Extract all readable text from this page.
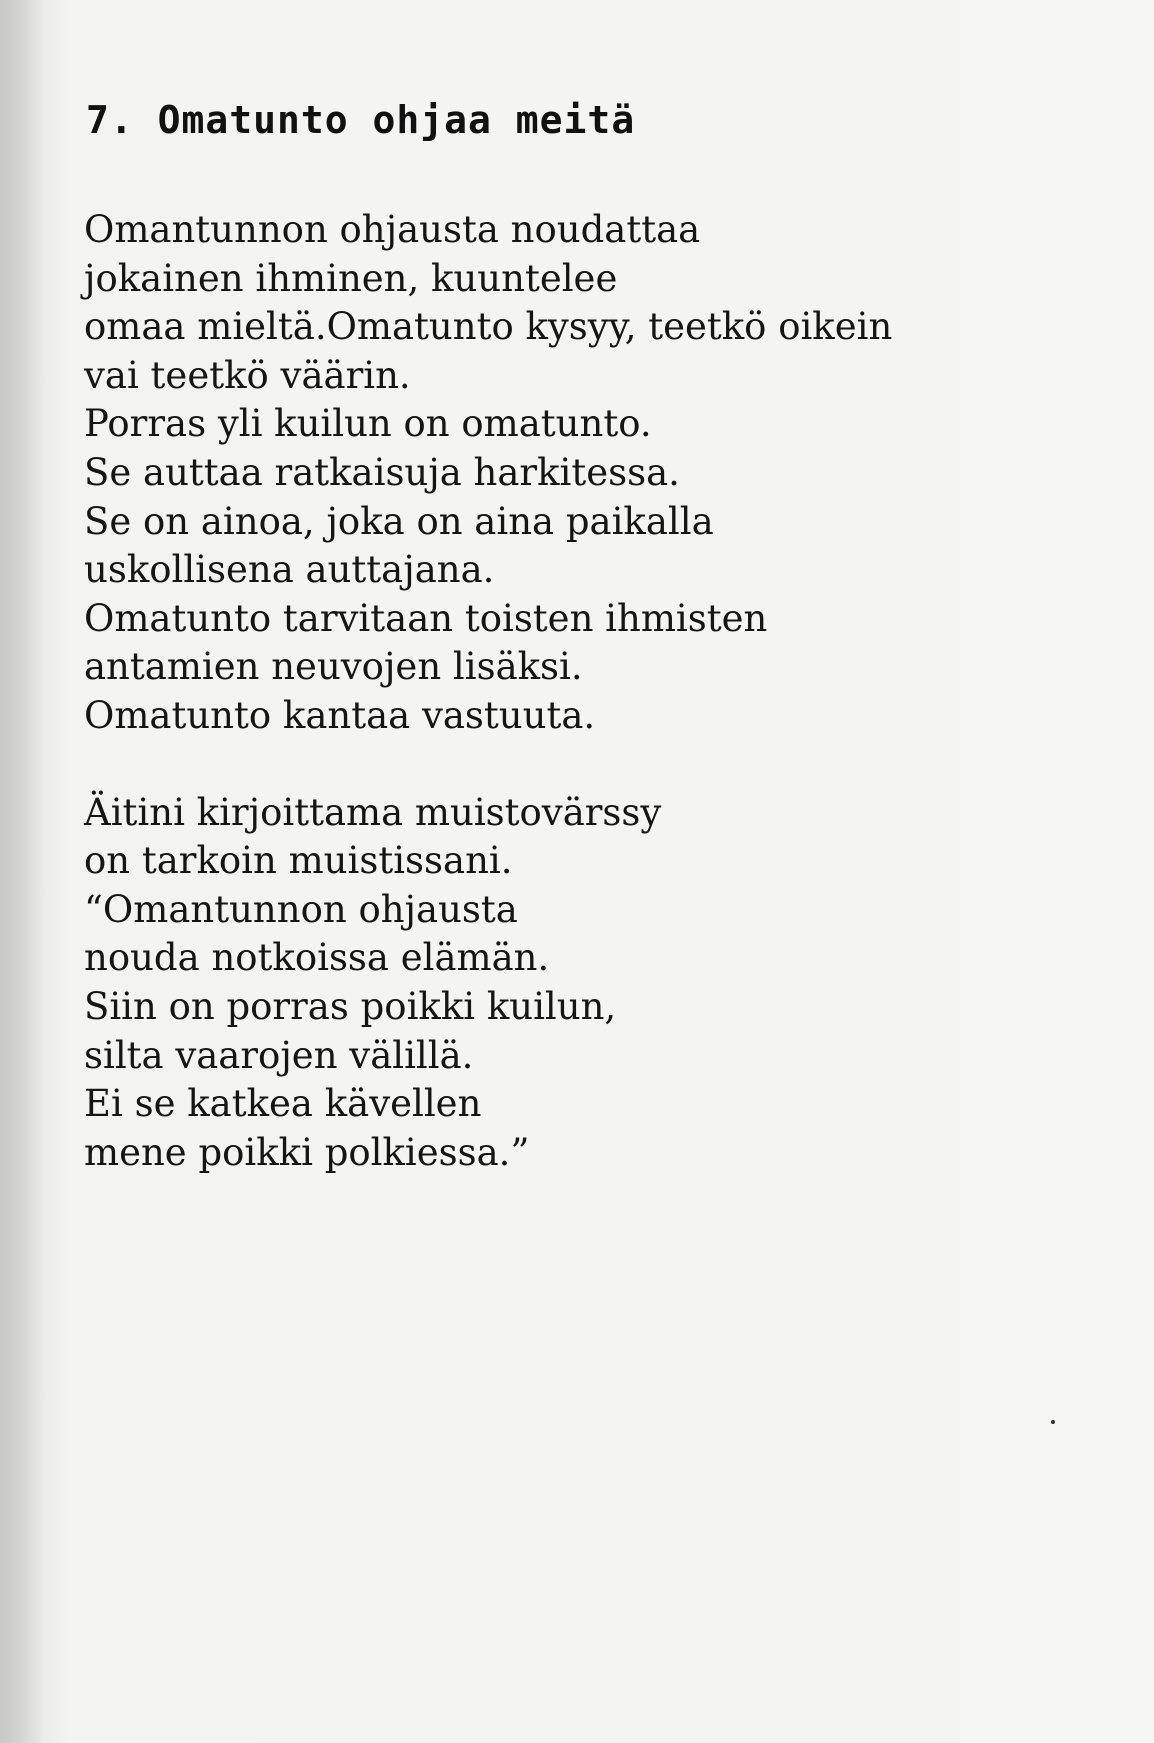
7. Omatunto ohjaa meitä

Omantunnon ohjausta noudattaa
jokainen ihminen, kuuntelee
omaa mieltä.Omatunto kysyy, teetkö oikein
vai teetkö väärin.
Porras yli kuilun on omatunto.
Se auttaa ratkaisuja harkitessa.
Se on ainoa, joka on aina paikalla
uskollisena auttajana.
Omatunto tarvitaan toisten ihmisten
antamien neuvojen lisäksi.
Omatunto kantaa vastuuta.

Äitini kirjoittama muistovärssy
on tarkoin muistissani.
“Omantunnon ohjausta
nouda notkoissa elämän.
Siin on porras poikki kuilun,
silta vaarojen välillä.
Ei se katkea kävellen
mene poikki polkiessa.”
